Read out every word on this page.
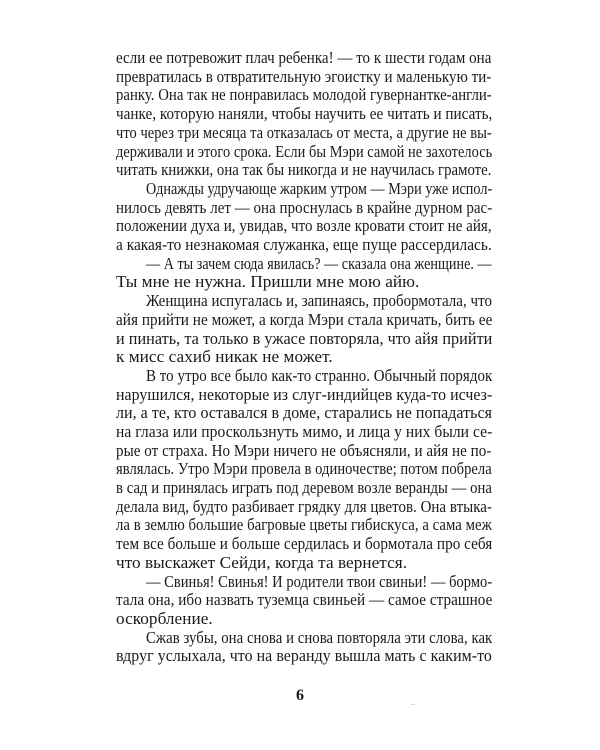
если ее потревожит плач ребенка! — то к шести годам она
превратилась в отвратительную эгоистку и маленькую ти-
ранку. Она так не понравилась молодой гувернантке-англи-
чанке, которую наняли, чтобы научить ее читать и писать,
что через три месяца та отказалась от места, а другие не вы-
держивали и этого срока. Если бы Мэри самой не захотелось
читать книжки, она так бы никогда и не научилась грамоте.
Однажды удручающе жарким утром — Мэри уже испол-
нилось девять лет — она проснулась в крайне дурном рас-
положении духа и, увидав, что возле кровати стоит не айя,
а какая-то незнакомая служанка, еще пуще рассердилась.
— А ты зачем сюда явилась? — сказала она женщине. —
Ты мне не нужна. Пришли мне мою айю.
Женщина испугалась и, запинаясь, пробормотала, что
айя прийти не может, а когда Мэри стала кричать, бить ее
и пинать, та только в ужасе повторяла, что айя прийти
к мисс сахиб никак не может.
В то утро все было как-то странно. Обычный порядок
нарушился, некоторые из слуг-индийцев куда-то исчез-
ли, а те, кто оставался в доме, старались не попадаться
на глаза или проскользнуть мимо, и лица у них были се-
рые от страха. Но Мэри ничего не объясняли, и айя не по-
являлась. Утро Мэри провела в одиночестве; потом побрела
в сад и принялась играть под деревом возле веранды — она
делала вид, будто разбивает грядку для цветов. Она втыка-
ла в землю большие багровые цветы гибискуса, а сама меж
тем все больше и больше сердилась и бормотала про себя
что выскажет Сейди, когда та вернется.
— Свинья! Свинья! И родители твои свиньи! — бормо-
тала она, ибо назвать туземца свиньей — самое страшное
оскорбление.
Сжав зубы, она снова и снова повторяла эти слова, как
вдруг услыхала, что на веранду вышла мать с каким-то
6
